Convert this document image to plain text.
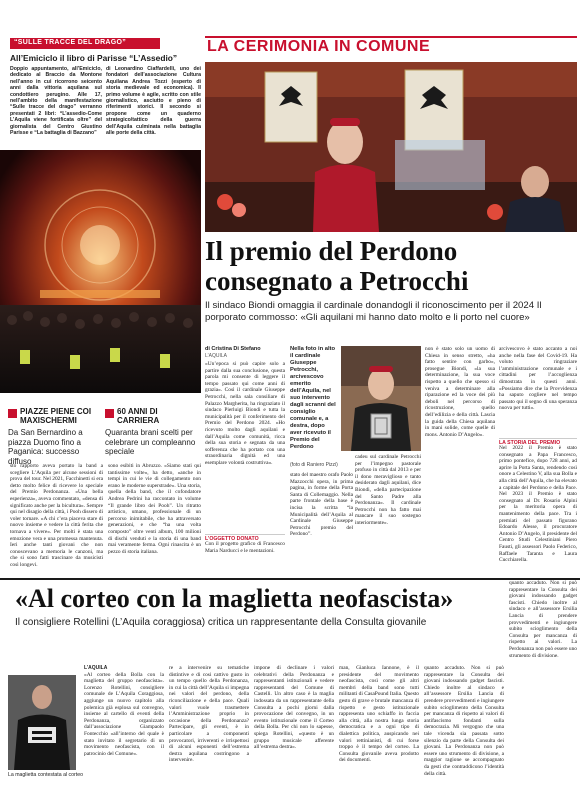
“SULLE TRACCE DEL DRAGO”
All’Emiciclo il libro di Parisse “L’Assedio”
Doppio appuntamento, all’Emiciclo, dedicato al Braccio da Montone nell’anno in cui ricorrono seicento anni dalla vittoria aquilana sul condottiero perugino. Alle 17, nell’ambito della manifestazione “Sulle tracce del drago” verranno presentati 2 libri: “L’assedio-Come L’Aquila viene fortificata oltre” del giornalista del Centro Giustino Parisse e “La battaglia di Bazzano”
di Leonardino Ciaffardelli, uno dei fondatori dell’associazione Cultura Aquilana Andrea Tozzi (esperto di storia medievale ed economica). Il primo volume è agile, scritto con stile giornalistico, asciutto e pieno di riferimenti storici. Il secondo si propone come un quaderno strategico/tattico della guerra dell’Aquila culminata nella battaglia alle porte della città.
PIAZZE PIENE COI MAXISCHERMI
Da San Bernardino a piazza Duomo fino a Paganica: successo diffuso
60 ANNI DI CARRIERA
Quaranta brani scelti per celebrare un compleanno speciale
sto rapporto aveva portato la band a scegliere L’Aquila per alcune sessioni di prova del tour. Nel 2021, Facchinetti si era detto molto felice di ricevere lo speciale del Premio Perdonanza. «Una bella esperienza», aveva commentato, «densa di significato anche per la bicultura». Sempre qui nel disagio della città, i Pooh dissero di voler tornare. «A chi c’era piaceva stare di nuovo insieme e vedere la città ferita che tornava a vivere». Per molti è stata una emozione vera e una promessa mantenuta. Ieri anche tanti giovani che non conoscevano a memoria le canzoni, ma che si sono fatti trascinare da musicisti così longevi.
sono esibiti in Abruzzo. «Siamo stati qui tantissime volte», ha detto, «anche in tempi in cui le vie di collegamento non erano le moderne superstrade». Una storia, quella della band, che il cofondatore Andrea Pedrini ha raccontato in volume “Il grande libro dei Pooh”. Un ritratto artistico, umano, professionale di un percorso inimitabile, che ha attraversato generazioni, e che “ha una volta composto” oltre venti album, 100 milioni di dischi venduti e la storia di una band mai veramente ferma. Ogni rinascita è un pezzo di storia italiana.
LA CERIMONIA IN COMUNE
Il premio del Perdono consegnato a Petrocchi
Il sindaco Biondi omaggia il cardinale donandogli il riconoscimento per il 2024 Il porporato commosso: «Gli aquilani mi hanno dato molto e li porto nel cuore»
di Cristina Di Stefano
L’AQUILA
«Un’epoca si può capire solo a partire dalla sua conclusione, questa parola mi consente di leggere il tempo passato qui come anni di grazia». Così il cardinale Giuseppe Petrocchi, nella sala consiliare di Palazzo Margherita, ha ringraziato il sindaco Pierluigi Biondi e tutta la municipalità per il conferimento del Premio del Perdono 2024. «Ho ricevuto molto dagli aquilani e dall’Aquila come comunità, ricca della sua storia e segnata da una sofferenza che ha portato con una straordinaria dignità ed una esemplare volontà costruttiva».
L’OGGETTO DONATO
Con il progetto grafico di Francesco Maria Narducci e le mentazioni.
Nella foto in alto il cardinale Giuseppe Petrocchi, arcivescovo emerito dell’Aquila, nel suo intervento dagli scranni del consiglio comunale e, a destra, dopo aver ricevuto il Premio del Perdono
(foto di Raniero Pizzi)
stato del maestro orafo Paolo Mazzocchi opera, in prima pagina, in forme della Porta Santa di Collemaggio. Nella parte frontale della base è incisa la scritta “la Municipalità dell’Aquila al Cardinale Giuseppe Petrocchi premio del Perdono”.
cadeu sul cardinale Petrocchi per l’impegno pastorale profuso in città dal 2013 e per il dono meraviglioso e tanto desiderato dagli aquilani, dice Biondi, «della partecipazione del Santo Padre alla Perdonanza». Il cardinale Petrocchi non ha fatto mai mancare il suo sostegno interiormente».
non è stato solo un uomo di Chiesa in senso stretto, «ha fatto sentire con garbo», prosegue Biondi, «la sua determinazione, la sua voce rispetto a quello che spesso si veniva a determinare alla riparazione ed la voce dei più deboli nel percorso di ricostruzione, quello dell’edilizia e della città. Lascia la guida della Chiesa aquilana in mani solide, come quelle di mons. Antonio D’Angelo».
arcivescovo è stato accanto a noi anche nella fase del Covid-19. Ha voluto ringraziare l’amministrazione comunale e i cittadini per l’accoglienza dimostrata in questi anni. «Possiamo dire che la Provvidenza ha saputo cogliere nel tempo passato qui il segno di una speranza nuova per tutti».
LA STORIA DEL PREMIO
Nel 2022 il Premio è stato consegnato a Papa Francesco, primo pontefice, dopo 728 anni, ad aprire la Porta Santa, rendendo così onore a Celestino V, alla sua Bolla e alla città dell’Aquila, che ha elevato a capitale del Perdono e della Pace. Nel 2023 il Premio è stato consegnato al Dr. Rosario Alpini per la meritoria opera di mantenimento della pace. Tra i premiati del passato figurano Edoardo Alesse, il procuratore Antonio D’Angelo, il presidente del Centro Studi Celestiniani Piero Fausti, gli assessori Paolo Federico, Raffaele Taranta e Laura Cucchiarella.
«Al corteo con la maglietta neofascista»
Il consigliere Rotellini (L’Aquila coraggiosa) critica un rappresentante della Consulta giovanile
La maglietta contestata al corteo
L’AQUILA
«Al corteo della Bolla con la maglietta del gruppo neofascista». Lorenzo Rotellini, consigliere comunale de L’Aquila Coraggiosa, aggiunge un nuovo capitolo alla polemica già esplosa sul convegno, insieme al cartello di eventi della Perdonanza, organizzato dall’associazione Giampaolo Fontecchio «all’interno del quale è stato invitato il segretario di un movimento neofascista, con il patrocinio del Comune».
re a intervenire su tematiche distintive e di cosi cattivo gusto in un tempo quello della Perdonanza, in cui la città dell’Aquila si impegna nei valori del perdono, della riconciliazione e della pace. Quali valori vuole trasmettere l’Amministrazione proprio in occasione della Perdonanza? Partecipare, gli eventi, è in particolare a componenti provocatori, irriverenti e irrispettosi di alcuni esponenti dell’estrema destra aquilana costringono a intervenire.
impone di declinare i valori celebrativi della Perdonanza e rappresentanti istituzionali e vedere rappresentanti del Comune di Castelli. Un altro caso è la maglia indossata da un rappresentante della Consulta a pochi giorni dalla provocazione del convegno, in un evento istituzionale come il Corteo della Bolla. Per chi non lo sapesse, spiega Rotellini, «questo è un gruppo musicale afferente all’estrema destra».
man, Gianluca Iannone, è il presidente del movimento neofascista, così come gli altri membri della band sono tutti militanti di CasaPound Italia. Questo gesto di grave e brutale mancanza di rispetto e gesto istituzionale rappresenta uno schiaffo in faccia alla città, alla nostra lunga storia democratica e a ogni tipo di dialettica politica, auspicando nei valori rettinianisti, di cui forse troppo è il tempo del corteo. La Consulta giovanile aveva prodotto dei documenti.
quanto accaduto. Non si può rappresentare la Consulta dei giovani indossando gadget fascisti. Chiedo inoltre al sindaco e all’assessore Ersilia Lancia di prendere provvedimenti e ingiungere subito scioglimento della Consulta per mancanza di rispetto ai valori di antifascismo fondanti sulla democrazia. Mi vergogno che una tale vicenda sia passata sotto silenzio da parte della Consulta dei giovani. La Perdonanza non può essere uno strumento di divisione, a maggior ragione se accompagnato da gesti che contraddicono l’identità della città.
quanto accaduto. Non si può rappresentare la Consulta dei giovani indossando gadget fascisti. Chiedo inoltre al sindaco e all’assessore Ersilia Lancia di prendere provvedimenti e ingiungere subito scioglimento della Consulta per mancanza di rispetto ai valori. La Perdonanza non può essere uno strumento di divisione.
